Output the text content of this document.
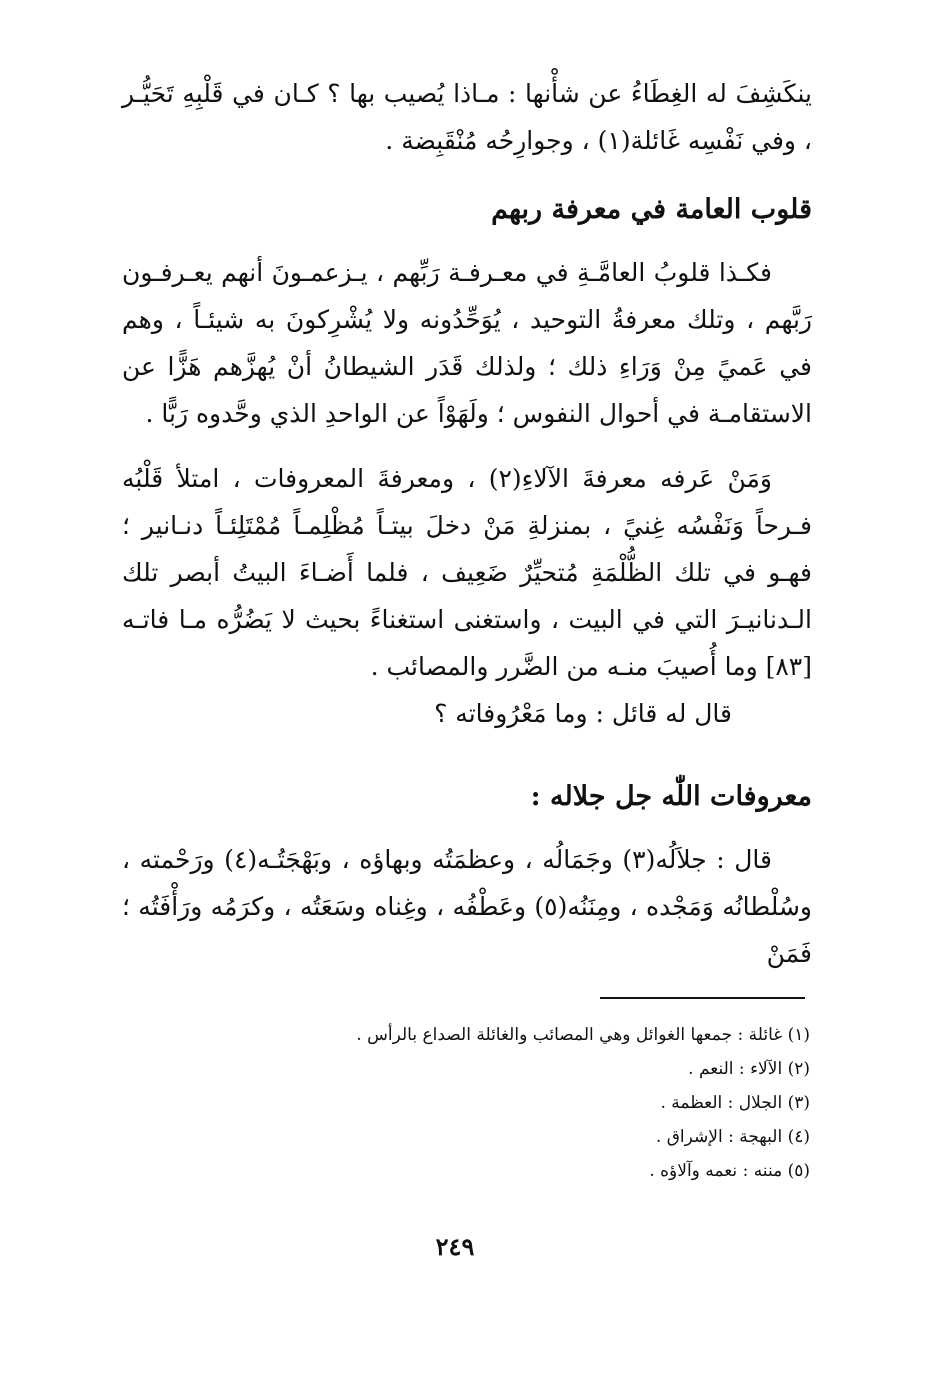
ينكَشِفَ له الغِطَاءُ عن شأْنها : مـاذا يُصيب بها ؟ كـان في قَلْبِهِ تَحَيُّـر ، وفي نَفْسِه غَائلة(١) ، وجوارِحُه مُنْقَبِضة .

قلوب العامة في معرفة ربهم

فكـذا قلوبُ العامَّـةِ في معـرفـة رَبِّهم ، يـزعمـونَ أنهم يعـرفـون رَبَّهم ، وتلك معرفةُ التوحيد ، يُوَحِّدُونه ولا يُشْرِكونَ به شيئـاً ، وهم في عَميً مِنْ وَرَاءِ ذلك ؛ ولذلك قَدَر الشيطانُ أنْ يُهزَّهم هَزًّا عن الاستقامـة في أحوال النفوس ؛ ولَهَوْاً عن الواحدِ الذي وحَّدوه رَبًّا .

وَمَنْ عَرفه معرفةَ الآلاءِ(٢) ، ومعرفةَ المعروفات ، امتلأ قَلْبُه فـرحاً وَنَفْسُه غِنيً ، بمنزلةِ مَنْ دخلَ بيتـاً مُظْلِمـاً مُمْتَلِئـاً دنـانير ؛ فهـو في تلك الظُّلْمَةِ مُتحيِّرٌ ضَعِيف ، فلما أَضـاءَ البيتُ أبصر تلك الـدنانيـرَ التي في البيت ، واستغنى استغناءً بحيث لا يَضُرُّه مـا فاتـه [٨٣] وما أُصيبَ منـه من الضَّرر والمصائب .

قال له قائل : وما مَعْرُوفاته ؟

معروفات اللّٰه جل جلاله :

قال : جلاَلُه(٣) وجَمَالُه ، وعظمَتُه وبهاؤه ، وبَهْجَتُـه(٤) ورَحْمته ، وسُلْطانُه وَمَجْده ، ومِنَنُه(٥) وعَطْفُه ، وغِناه وسَعَتُه ، وكرَمُه ورَأْفَتُه ؛ فَمَنْ

(١) غائلة : جمعها الغوائل وهي المصائب والغائلة الصداع بالرأس .

(٢) الآلاء : النعم .

(٣) الجلال : العظمة .

(٤) البهجة : الإشراق .

(٥) مننه : نعمه وآلاؤه .

٢٤٩
